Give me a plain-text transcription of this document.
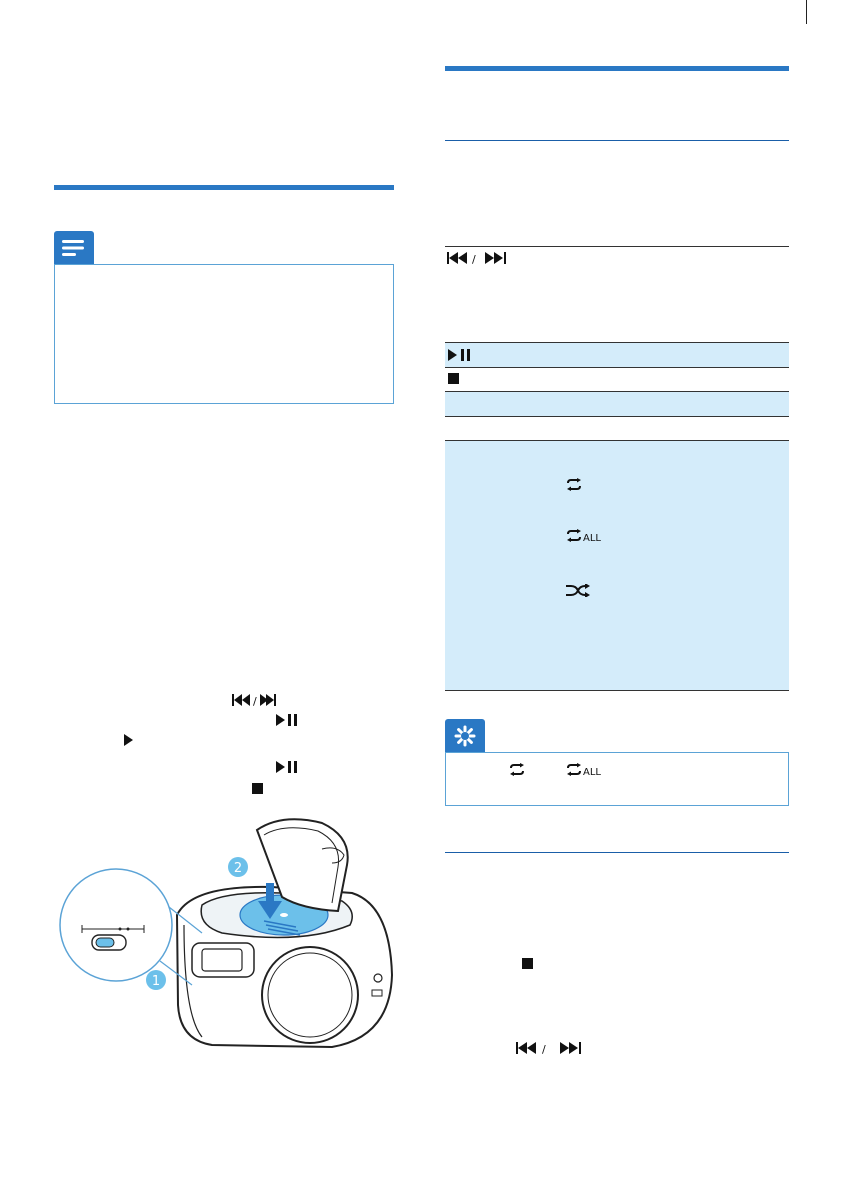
/
1
2
/
ALL
ALL
/
